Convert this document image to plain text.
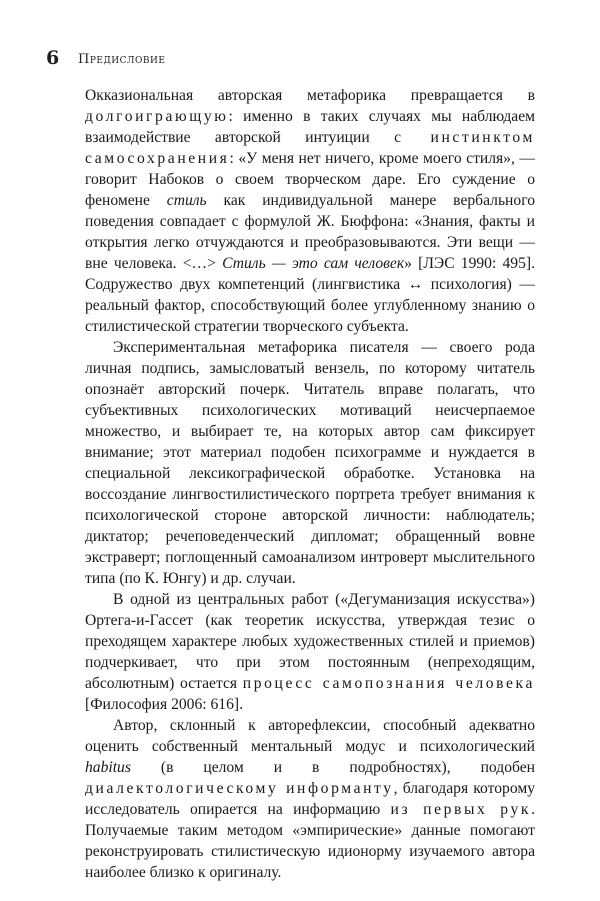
6 Предисловие

Окказиональная авторская метафорика превращается в долгоиграющую: именно в таких случаях мы наблюдаем взаимодействие авторской интуиции с инстинктом самосохранения: «У меня нет ничего, кроме моего стиля», — говорит Набоков о своем творческом даре. Его суждение о феномене стиль как индивидуальной манере вербального поведения совпадает с формулой Ж. Бюффона: «Знания, факты и открытия легко отчуждаются и преобразовываются. Эти вещи — вне человека. <…> Стиль — это сам человек» [ЛЭС 1990: 495]. Содружество двух компетенций (лингвистика ↔ психология) — реальный фактор, способствующий более углубленному знанию о стилистической стратегии творческого субъекта.

Экспериментальная метафорика писателя — своего рода личная подпись, замысловатый вензель, по которому читатель опознаёт авторский почерк. Читатель вправе полагать, что субъективных психологических мотиваций неисчерпаемое множество, и выбирает те, на которых автор сам фиксирует внимание; этот материал подобен психограмме и нуждается в специальной лексикографической обработке. Установка на воссоздание лингвостилистического портрета требует внимания к психологической стороне авторской личности: наблюдатель; диктатор; речеповеденческий дипломат; обращенный вовне экстраверт; поглощенный самоанализом интроверт мыслительного типа (по К. Юнгу) и др. случаи.

В одной из центральных работ («Дегуманизация искусства») Ортега-и-Гассет (как теоретик искусства, утверждая тезис о преходящем характере любых художественных стилей и приемов) подчеркивает, что при этом постоянным (непреходящим, абсолютным) остается процесс самопознания человека [Философия 2006: 616].

Автор, склонный к авторефлексии, способный адекватно оценить собственный ментальный модус и психологический habitus (в целом и в подробностях), подобен диалектологическому информанту, благодаря которому исследователь опирается на информацию из первых рук. Получаемые таким методом «эмпирические» данные помогают реконструировать стилистическую идионорму изучаемого автора наиболее близко к оригиналу.
